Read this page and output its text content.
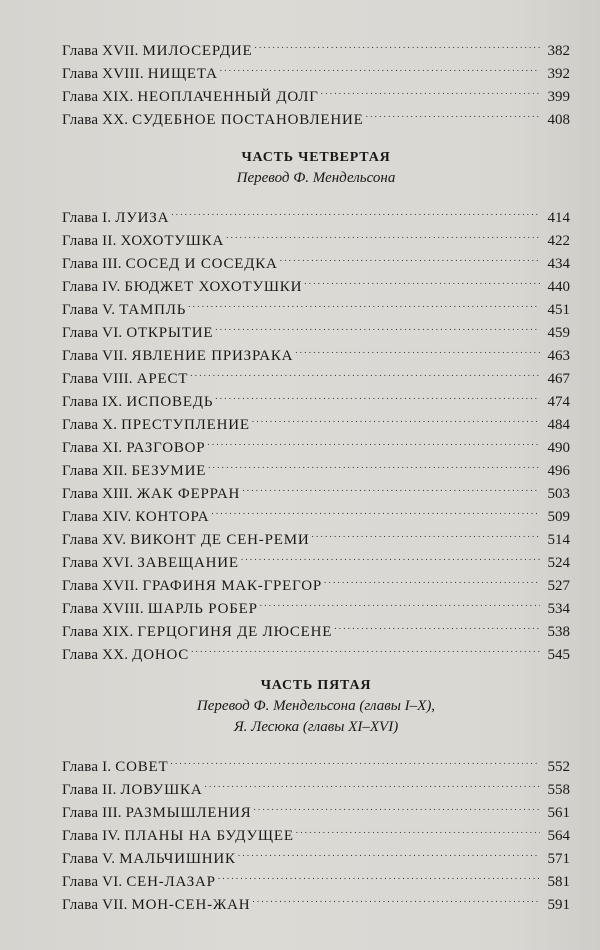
Глава XVII. МИЛОСЕРДИЕ . . .	382
Глава XVIII. НИЩЕТА . . .	392
Глава XIX. НЕОПЛАЧЕННЫЙ ДОЛГ . . .	399
Глава XX. СУДЕБНОЕ ПОСТАНОВЛЕНИЕ . . .	408
ЧАСТЬ ЧЕТВЕРТАЯ
Перевод Ф. Мендельсона
Глава I. ЛУИЗА . . .	414
Глава II. ХОХОТУШКА . . .	422
Глава III. СОСЕД И СОСЕДКА . . .	434
Глава IV. БЮДЖЕТ ХОХОТУШКИ . . .	440
Глава V. ТАМПЛЬ . . .	451
Глава VI. ОТКРЫТИЕ . . .	459
Глава VII. ЯВЛЕНИЕ ПРИЗРАКА . . .	463
Глава VIII. АРЕСТ . . .	467
Глава IX. ИСПОВЕДЬ . . .	474
Глава X. ПРЕСТУПЛЕНИЕ . . .	484
Глава XI. РАЗГОВОР . . .	490
Глава XII. БЕЗУМИЕ . . .	496
Глава XIII. ЖАК ФЕРРАН . . .	503
Глава XIV. КОНТОРА . . .	509
Глава XV. ВИКОНТ ДЕ СЕН-РЕМИ . . .	514
Глава XVI. ЗАВЕЩАНИЕ . . .	524
Глава XVII. ГРАФИНЯ МАК-ГРЕГОР . . .	527
Глава XVIII. ШАРЛЬ РОБЕР . . .	534
Глава XIX. ГЕРЦОГИНЯ ДЕ ЛЮСЕНЕ . . .	538
Глава XX. ДОНОС . . .	545
ЧАСТЬ ПЯТАЯ
Перевод Ф. Мендельсона (главы I–X),
Я. Лесюка (главы XI–XVI)
Глава I. СОВЕТ . . .	552
Глава II. ЛОВУШКА . . .	558
Глава III. РАЗМЫШЛЕНИЯ . . .	561
Глава IV. ПЛАНЫ НА БУДУЩЕЕ . . .	564
Глава V. МАЛЬЧИШНИК . . .	571
Глава VI. СЕН-ЛАЗАР . . .	581
Глава VII. МОН-СЕН-ЖАН . . .	591
